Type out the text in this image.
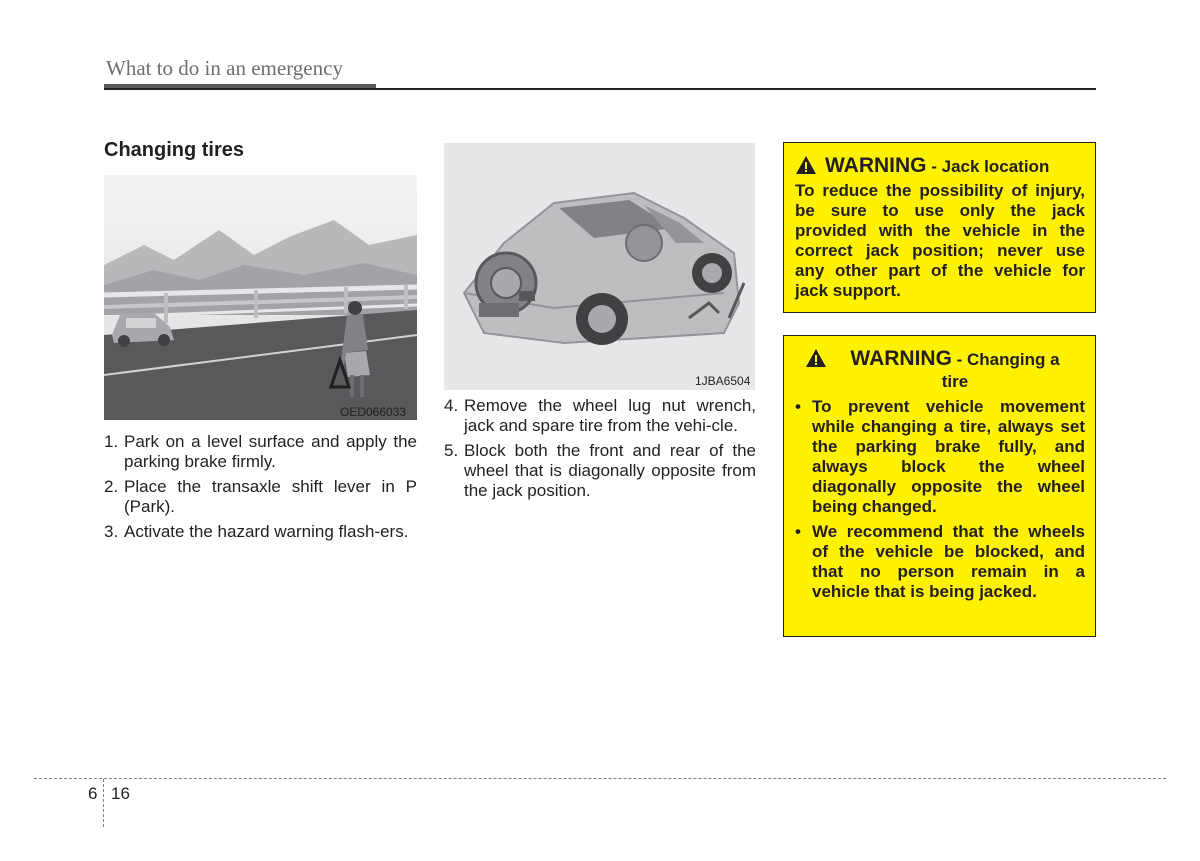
What to do in an emergency
Changing tires
OED066033
1. Park on a level surface and apply the parking brake firmly.
2. Place the transaxle shift lever in P (Park).
3. Activate the hazard warning flash-ers.
1JBA6504
4. Remove the wheel lug nut wrench, jack and spare tire from the vehi-cle.
5. Block both the front and rear of the wheel that is diagonally opposite from the jack position.
WARNING - Jack location
To reduce the possibility of injury, be sure to use only the jack provided with the vehicle in the correct jack position; never use any other part of the vehicle for jack support.
WARNING - Changing a tire
• To prevent vehicle movement while changing a tire, always set the parking brake fully, and always block the wheel diagonally opposite the wheel being changed.
• We recommend that the wheels of the vehicle be blocked, and that no person remain in a vehicle that is being jacked.
6 16
